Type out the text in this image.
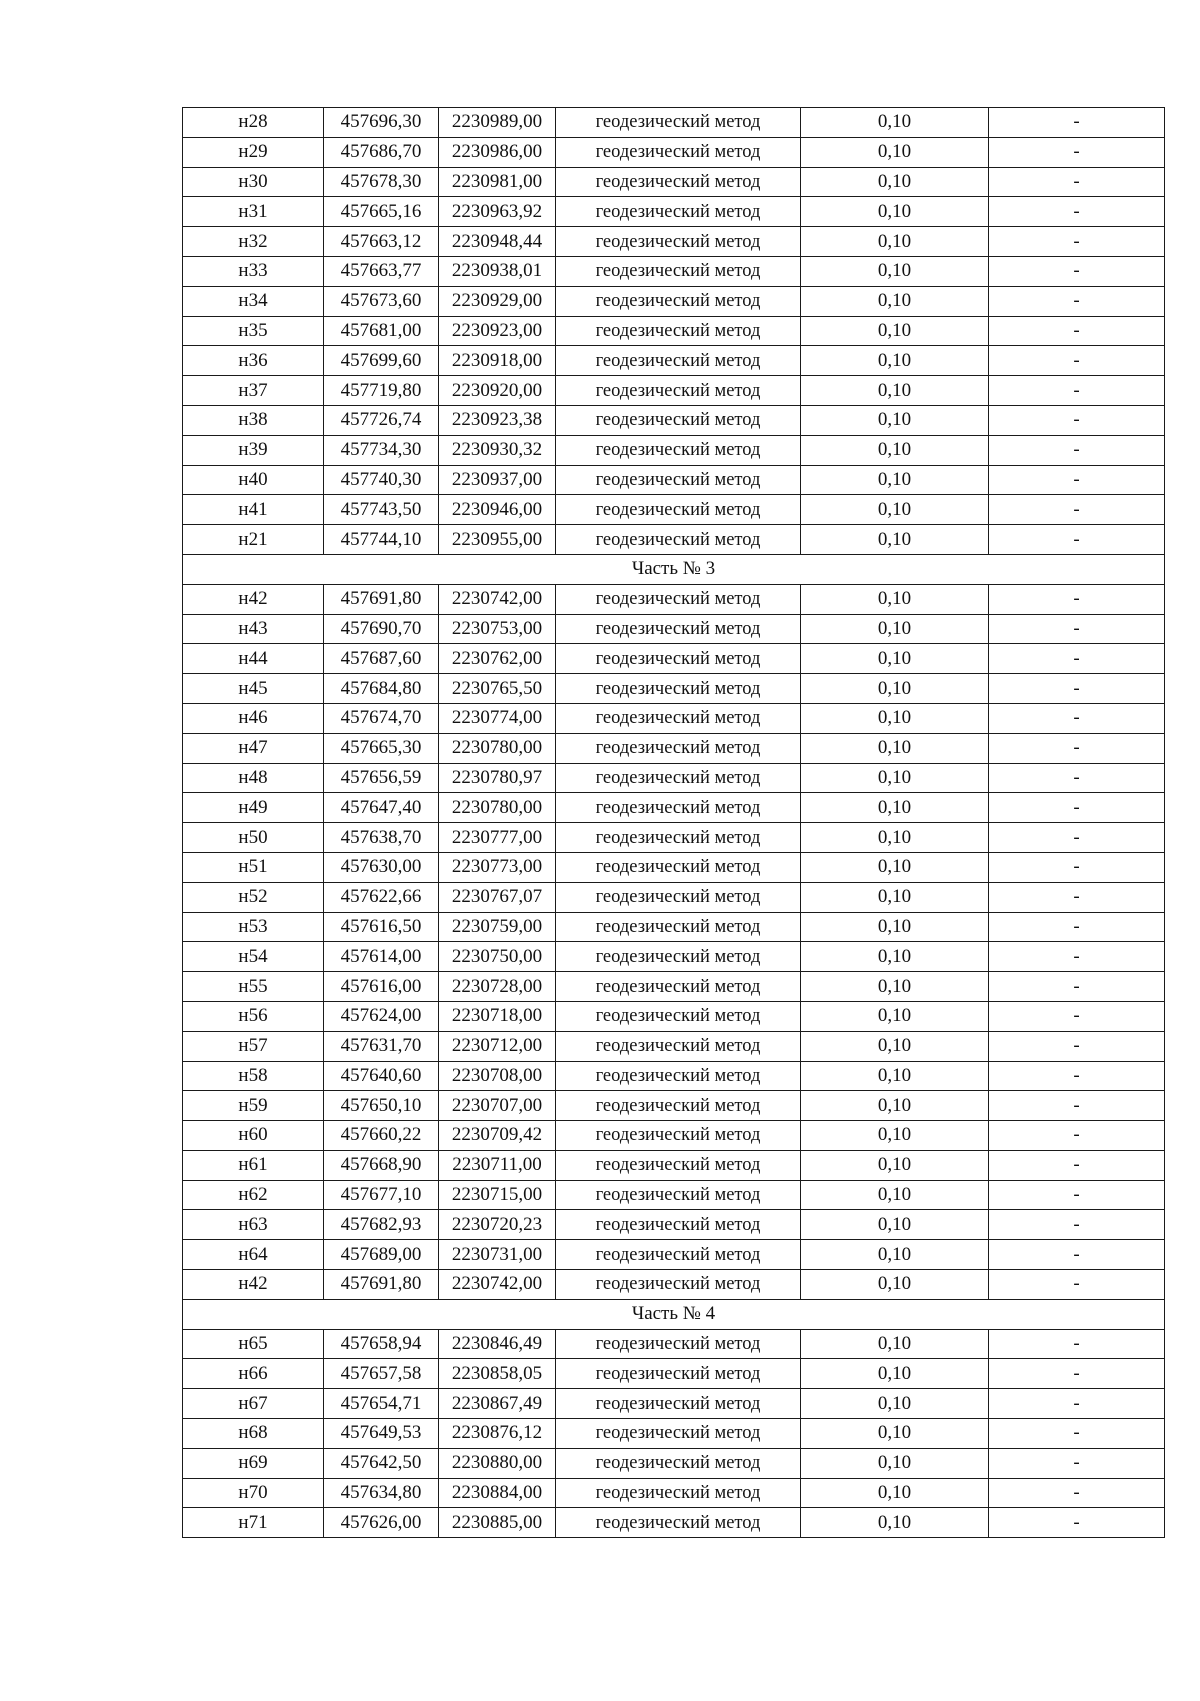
н28	457696,30	2230989,00	геодезический метод	0,10	-
н29	457686,70	2230986,00	геодезический метод	0,10	-
н30	457678,30	2230981,00	геодезический метод	0,10	-
н31	457665,16	2230963,92	геодезический метод	0,10	-
н32	457663,12	2230948,44	геодезический метод	0,10	-
н33	457663,77	2230938,01	геодезический метод	0,10	-
н34	457673,60	2230929,00	геодезический метод	0,10	-
н35	457681,00	2230923,00	геодезический метод	0,10	-
н36	457699,60	2230918,00	геодезический метод	0,10	-
н37	457719,80	2230920,00	геодезический метод	0,10	-
н38	457726,74	2230923,38	геодезический метод	0,10	-
н39	457734,30	2230930,32	геодезический метод	0,10	-
н40	457740,30	2230937,00	геодезический метод	0,10	-
н41	457743,50	2230946,00	геодезический метод	0,10	-
н21	457744,10	2230955,00	геодезический метод	0,10	-
Часть № 3					
н42	457691,80	2230742,00	геодезический метод	0,10	-
н43	457690,70	2230753,00	геодезический метод	0,10	-
н44	457687,60	2230762,00	геодезический метод	0,10	-
н45	457684,80	2230765,50	геодезический метод	0,10	-
н46	457674,70	2230774,00	геодезический метод	0,10	-
н47	457665,30	2230780,00	геодезический метод	0,10	-
н48	457656,59	2230780,97	геодезический метод	0,10	-
н49	457647,40	2230780,00	геодезический метод	0,10	-
н50	457638,70	2230777,00	геодезический метод	0,10	-
н51	457630,00	2230773,00	геодезический метод	0,10	-
н52	457622,66	2230767,07	геодезический метод	0,10	-
н53	457616,50	2230759,00	геодезический метод	0,10	-
н54	457614,00	2230750,00	геодезический метод	0,10	-
н55	457616,00	2230728,00	геодезический метод	0,10	-
н56	457624,00	2230718,00	геодезический метод	0,10	-
н57	457631,70	2230712,00	геодезический метод	0,10	-
н58	457640,60	2230708,00	геодезический метод	0,10	-
н59	457650,10	2230707,00	геодезический метод	0,10	-
н60	457660,22	2230709,42	геодезический метод	0,10	-
н61	457668,90	2230711,00	геодезический метод	0,10	-
н62	457677,10	2230715,00	геодезический метод	0,10	-
н63	457682,93	2230720,23	геодезический метод	0,10	-
н64	457689,00	2230731,00	геодезический метод	0,10	-
н42	457691,80	2230742,00	геодезический метод	0,10	-
Часть № 4					
н65	457658,94	2230846,49	геодезический метод	0,10	-
н66	457657,58	2230858,05	геодезический метод	0,10	-
н67	457654,71	2230867,49	геодезический метод	0,10	-
н68	457649,53	2230876,12	геодезический метод	0,10	-
н69	457642,50	2230880,00	геодезический метод	0,10	-
н70	457634,80	2230884,00	геодезический метод	0,10	-
н71	457626,00	2230885,00	геодезический метод	0,10	-
